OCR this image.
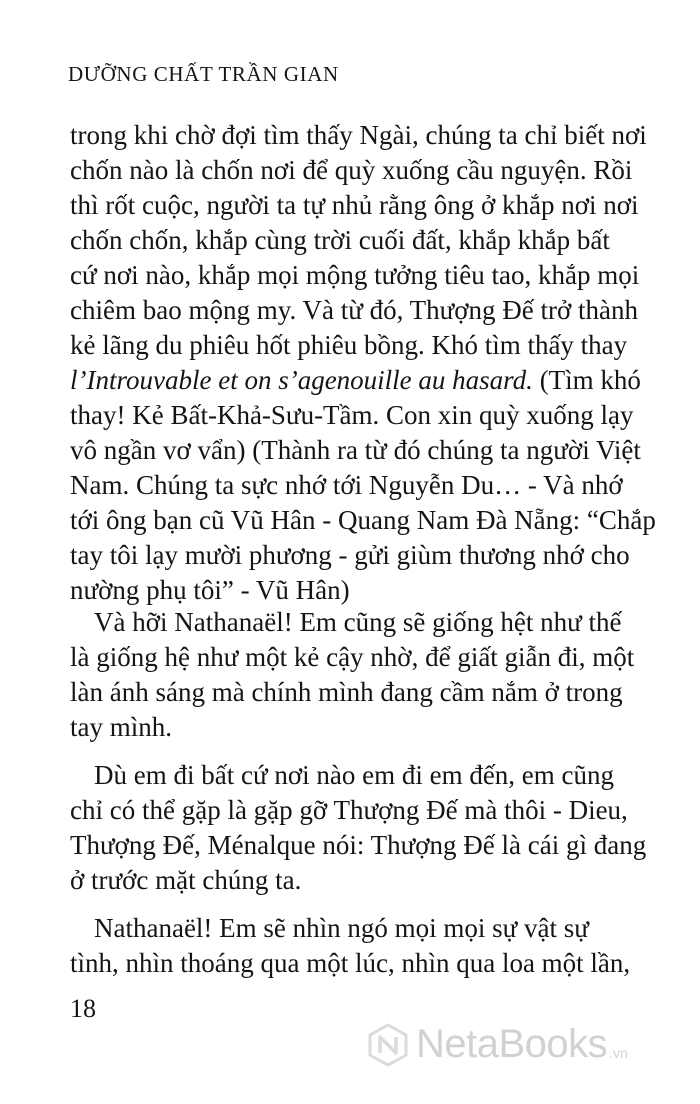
DƯỠNG CHẤT TRẦN GIAN
trong khi chờ đợi tìm thấy Ngài, chúng ta chỉ biết nơi
chốn nào là chốn nơi để quỳ xuống cầu nguyện. Rồi
thì rốt cuộc, người ta tự nhủ rằng ông ở khắp nơi nơi
chốn chốn, khắp cùng trời cuối đất, khắp khắp bất
cứ nơi nào, khắp mọi mộng tưởng tiêu tao, khắp mọi
chiêm bao mộng my. Và từ đó, Thượng Đế trở thành
kẻ lãng du phiêu hốt phiêu bồng. Khó tìm thấy thay
l’Introuvable et on s’agenouille au hasard. (Tìm khó
thay! Kẻ Bất-Khả-Sưu-Tầm. Con xin quỳ xuống lạy
vô ngần vơ vẩn) (Thành ra từ đó chúng ta người Việt
Nam. Chúng ta sực nhớ tới Nguyễn Du… - Và nhớ
tới ông bạn cũ Vũ Hân - Quang Nam Đà Nẵng: “Chắp
tay tôi lạy mười phương - gửi giùm thương nhớ cho
nường phụ tôi” - Vũ Hân)
Và hỡi Nathanaël! Em cũng sẽ giống hệt như thế
là giống hệ như một kẻ cậy nhờ, để giất giẫn đi, một
làn ánh sáng mà chính mình đang cầm nắm ở trong
tay mình.
Dù em đi bất cứ nơi nào em đi em đến, em cũng
chỉ có thể gặp là gặp gỡ Thượng Đế mà thôi - Dieu,
Thượng Đế, Ménalque nói: Thượng Đế là cái gì đang
ở trước mặt chúng ta.
Nathanaël! Em sẽ nhìn ngó mọi mọi sự vật sự
tình, nhìn thoáng qua một lúc, nhìn qua loa một lần,
18
NetaBooks .vn
